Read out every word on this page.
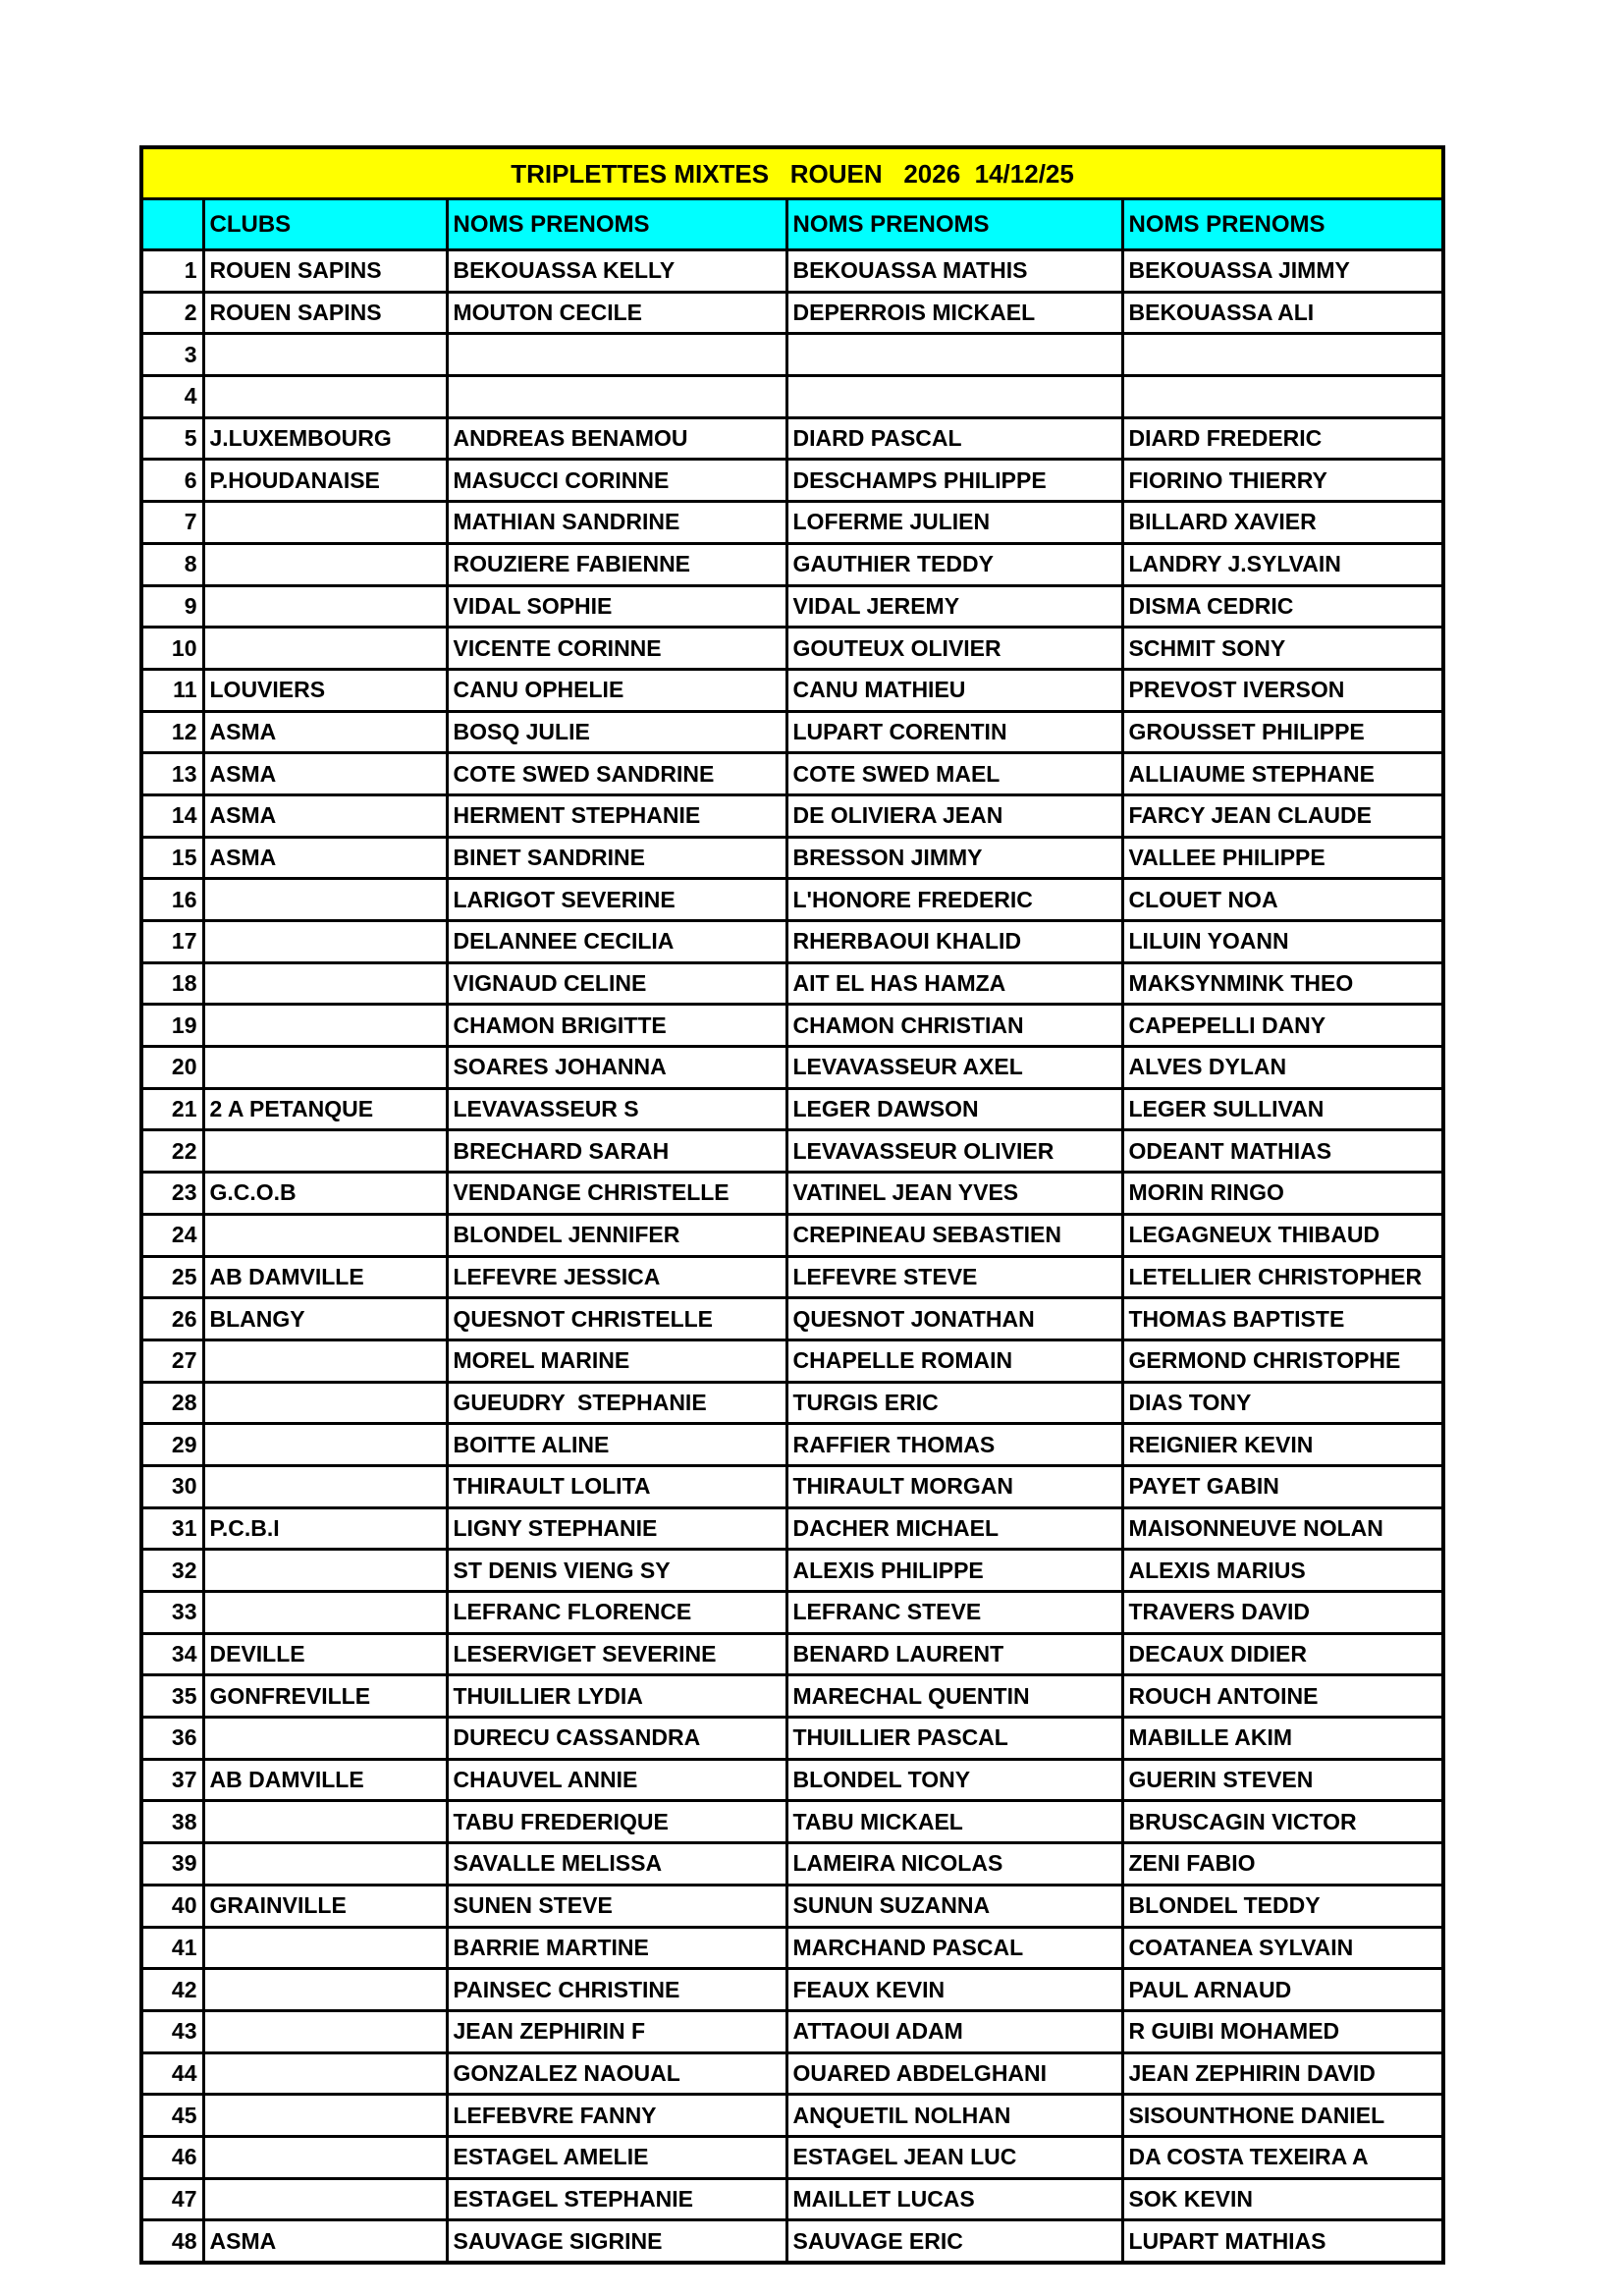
TRIPLETTES MIXTES   ROUEN   2026  14/12/25				
	CLUBS	NOMS PRENOMS	NOMS PRENOMS	NOMS PRENOMS
1	ROUEN SAPINS	BEKOUASSA KELLY	BEKOUASSA MATHIS	BEKOUASSA JIMMY
2	ROUEN SAPINS	MOUTON CECILE	DEPERROIS MICKAEL	BEKOUASSA ALI
3				
4				
5	J.LUXEMBOURG	ANDREAS BENAMOU	DIARD PASCAL	DIARD FREDERIC
6	P.HOUDANAISE	MASUCCI CORINNE	DESCHAMPS PHILIPPE	FIORINO THIERRY
7		MATHIAN SANDRINE	LOFERME JULIEN	BILLARD XAVIER
8		ROUZIERE FABIENNE	GAUTHIER TEDDY	LANDRY J.SYLVAIN
9		VIDAL SOPHIE	VIDAL JEREMY	DISMA CEDRIC
10		VICENTE CORINNE	GOUTEUX OLIVIER	SCHMIT SONY
11	LOUVIERS	CANU OPHELIE	CANU MATHIEU	PREVOST IVERSON
12	ASMA	BOSQ JULIE	LUPART CORENTIN	GROUSSET PHILIPPE
13	ASMA	COTE SWED SANDRINE	COTE SWED MAEL	ALLIAUME STEPHANE
14	ASMA	HERMENT STEPHANIE	DE OLIVIERA JEAN	FARCY JEAN CLAUDE
15	ASMA	BINET SANDRINE	BRESSON JIMMY	VALLEE PHILIPPE
16		LARIGOT SEVERINE	L'HONORE FREDERIC	CLOUET NOA
17		DELANNEE CECILIA	RHERBAOUI KHALID	LILUIN YOANN
18		VIGNAUD CELINE	AIT EL HAS HAMZA	MAKSYNMINK THEO
19		CHAMON BRIGITTE	CHAMON CHRISTIAN	CAPEPELLI DANY
20		SOARES JOHANNA	LEVAVASSEUR AXEL	ALVES DYLAN
21	2 A PETANQUE	LEVAVASSEUR S	LEGER DAWSON	LEGER SULLIVAN
22		BRECHARD SARAH	LEVAVASSEUR OLIVIER	ODEANT MATHIAS
23	G.C.O.B	VENDANGE CHRISTELLE	VATINEL JEAN YVES	MORIN RINGO
24		BLONDEL JENNIFER	CREPINEAU SEBASTIEN	LEGAGNEUX THIBAUD
25	AB DAMVILLE	LEFEVRE JESSICA	LEFEVRE STEVE	LETELLIER CHRISTOPHER
26	BLANGY	QUESNOT CHRISTELLE	QUESNOT JONATHAN	THOMAS BAPTISTE
27		MOREL MARINE	CHAPELLE ROMAIN	GERMOND CHRISTOPHE
28		GUEUDRY  STEPHANIE	TURGIS ERIC	DIAS TONY
29		BOITTE ALINE	RAFFIER THOMAS	REIGNIER KEVIN
30		THIRAULT LOLITA	THIRAULT MORGAN	PAYET GABIN
31	P.C.B.I	LIGNY STEPHANIE	DACHER MICHAEL	MAISONNEUVE NOLAN
32		ST DENIS VIENG SY	ALEXIS PHILIPPE	ALEXIS MARIUS
33		LEFRANC FLORENCE	LEFRANC STEVE	TRAVERS DAVID
34	DEVILLE	LESERVIGET SEVERINE	BENARD LAURENT	DECAUX DIDIER
35	GONFREVILLE	THUILLIER LYDIA	MARECHAL QUENTIN	ROUCH ANTOINE
36		DURECU CASSANDRA	THUILLIER PASCAL	MABILLE AKIM
37	AB DAMVILLE	CHAUVEL ANNIE	BLONDEL TONY	GUERIN STEVEN
38		TABU FREDERIQUE	TABU MICKAEL	BRUSCAGIN VICTOR
39		SAVALLE MELISSA	LAMEIRA NICOLAS	ZENI FABIO
40	GRAINVILLE	SUNEN STEVE	SUNUN SUZANNA	BLONDEL TEDDY
41		BARRIE MARTINE	MARCHAND PASCAL	COATANEA SYLVAIN
42		PAINSEC CHRISTINE	FEAUX KEVIN	PAUL ARNAUD
43		JEAN ZEPHIRIN F	ATTAOUI ADAM	R GUIBI MOHAMED
44		GONZALEZ NAOUAL	OUARED ABDELGHANI	JEAN ZEPHIRIN DAVID
45		LEFEBVRE FANNY	ANQUETIL NOLHAN	SISOUNTHONE DANIEL
46		ESTAGEL AMELIE	ESTAGEL JEAN LUC	DA COSTA TEXEIRA A
47		ESTAGEL STEPHANIE	MAILLET LUCAS	SOK KEVIN
48	ASMA	SAUVAGE SIGRINE	SAUVAGE ERIC	LUPART MATHIAS
